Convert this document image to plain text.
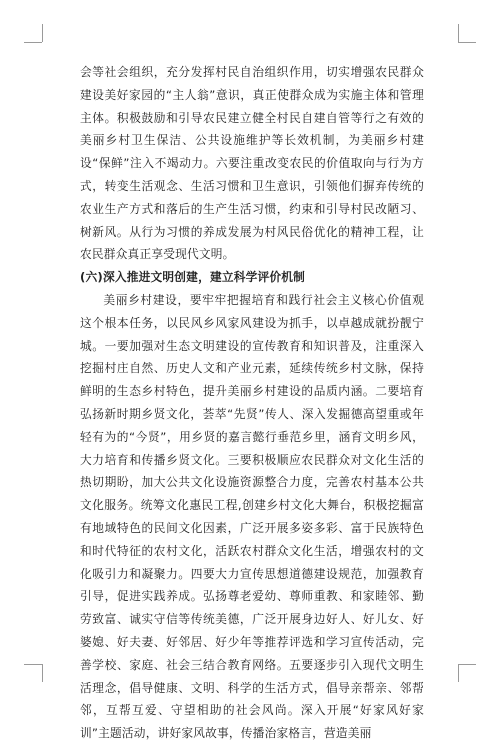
会等社会组织，充分发挥村民自治组织作用，切实增强农民群众建设美好家园的“主人翁”意识，真正使群众成为实施主体和管理主体。积极鼓励和引导农民建立健全村民自建自管等行之有效的美丽乡村卫生保洁、公共设施维护等长效机制，为美丽乡村建设“保鲜”注入不竭动力。六要注重改变农民的价值取向与行为方式，转变生活观念、生活习惯和卫生意识，引领他们摒弃传统的农业生产方式和落后的生产生活习惯，约束和引导村民改陋习、树新风。从行为习惯的养成发展为村风民俗优化的精神工程，让农民群众真正享受现代文明。

(六)深入推进文明创建，建立科学评价机制

美丽乡村建设，要牢牢把握培育和践行社会主义核心价值观这个根本任务，以民风乡风家风建设为抓手，以卓越成就扮靓宁城。一要加强对生态文明建设的宣传教育和知识普及，注重深入挖掘村庄自然、历史人文和产业元素，延续传统乡村文脉，保持鲜明的生态乡村特色，提升美丽乡村建设的品质内涵。二要培育弘扬新时期乡贤文化，荟萃“先贤”传人、深入发掘德高望重或年轻有为的“今贤”，用乡贤的嘉言懿行垂范乡里，涵育文明乡风，大力培育和传播乡贤文化。三要积极顺应农民群众对文化生活的热切期盼，加大公共文化设施资源整合力度，完善农村基本公共文化服务。统筹文化惠民工程,创建乡村文化大舞台，积极挖掘富有地域特色的民间文化因素，广泛开展多姿多彩、富于民族特色和时代特征的农村文化，活跃农村群众文化生活，增强农村的文化吸引力和凝聚力。四要大力宣传思想道德建设规范，加强教育引导，促进实践养成。弘扬尊老爱幼、尊师重教、和家睦邻、勤劳致富、诚实守信等传统美德，广泛开展身边好人、好儿女、好婆媳、好夫妻、好邻居、好少年等推荐评选和学习宣传活动，完善学校、家庭、社会三结合教育网络。五要逐步引入现代文明生活理念，倡导健康、文明、科学的生活方式，倡导亲帮亲、邻帮邻，互帮互爱、守望相助的社会风尚。深入开展“好家风好家训”主题活动，讲好家风故事，传播治家格言，营造美丽
